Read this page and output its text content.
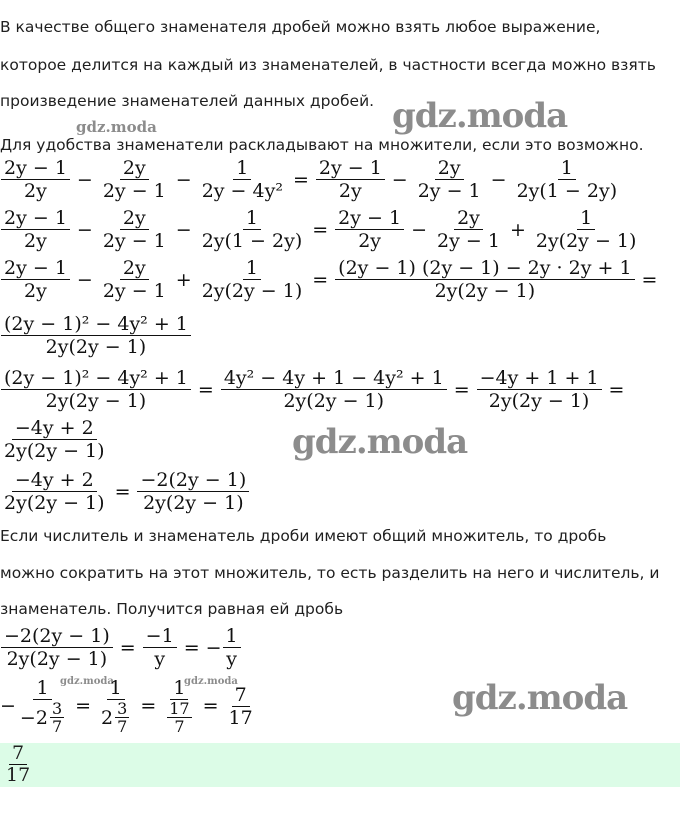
В качестве общего знаменателя дробей можно взять любое выражение,

которое делится на каждый из знаменателей, в частности всегда можно взять

произведение знаменателей данных дробей.

gdz.moda	gdz.moda
gdz.moda
gdz.moda
gdz.moda	gdz.moda

Для удобства знаменатели раскладывают на множители, если это возможно.

$\frac{2y - 1}{2y} - \frac{2y}{2y - 1} - \frac{1}{\text{2y − 4y²}} = \frac{2y - 1}{2y} - \frac{2y}{2y - 1} - \frac{1}{2y(1 - 2y)}$
$\frac{2y - 1}{2y} - \frac{2y}{2y - 1} - \frac{1}{2y(1 - 2y)} = \frac{2y - 1}{2y} - \frac{2y}{2y - 1} + \frac{1}{2y(2y - 1)}$
$\frac{2y - 1}{2y} - \frac{2y}{2y - 1} + \frac{1}{2y(2y - 1)} = \frac{(2y - 1) (2y - 1) - 2y \cdot 2y + 1}{2y(2y - 1)}$ =
$\frac{\text{(2y − 1)² − 4y² + 1}}{2y(2y - 1)}$
$\frac{\text{(2y − 1)² − 4y² + 1}}{2y(2y - 1)} = \frac{\text{4y² − 4y + 1 − 4y² + 1}}{2y(2y - 1)} = \frac{-4y + 1 + 1}{2y(2y - 1)}$ =
$\frac{-4y + 2}{2y(2y - 1)}$
$\frac{-4y + 2}{2y(2y - 1)} = \frac{-2(2y - 1)}{2y(2y - 1)}$

Если числитель и знаменатель дроби имеют общий множитель, то дробь

можно сократить на этот множитель, то есть разделить на него и числитель, и

знаменатель. Получится равная ей дробь

$\frac{-2(2y - 1)}{2y(2y - 1)} = \frac{-1}{y}$ = − $\frac{1}{y}$
− $\frac{1}{- 2 \frac{3}{7}} = \frac{1}{2 \frac{3}{7}} = \frac{1}{\frac{17}{7}} = \frac{7}{17}$
$\frac{7}{17}$
